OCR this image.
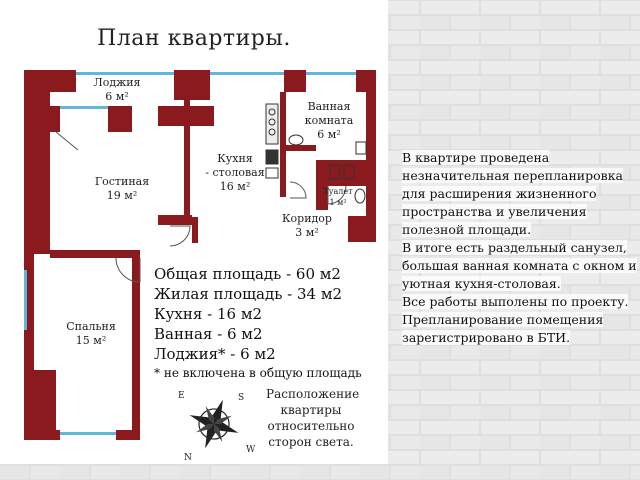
План квартиры.
E	S
W
N
Лоджия
6 м²
Ванная
комната
6 м²
Кухня
- столовая
16 м²
Гостиная
19 м²	Туалет
1 м²
Коридор
3 м²
Спальня
15 м²
Общая площадь - 60 м2
Жилая площадь - 34 м2
Кухня - 16 м2
Ванная - 6 м2
Лоджия* - 6 м2
* не включена в общую площадь
Расположение
квартиры
относительно
сторон света.
В квартире проведена
незначительная перепланировка
для расширения жизненного
пространства и увеличения
полезной площади.
В итоге есть раздельный санузел,
большая ванная комната с окном и
уютная кухня-столовая.
Все работы выполены по проекту.
Препланирование помещения
зарегистрировано в БТИ.
